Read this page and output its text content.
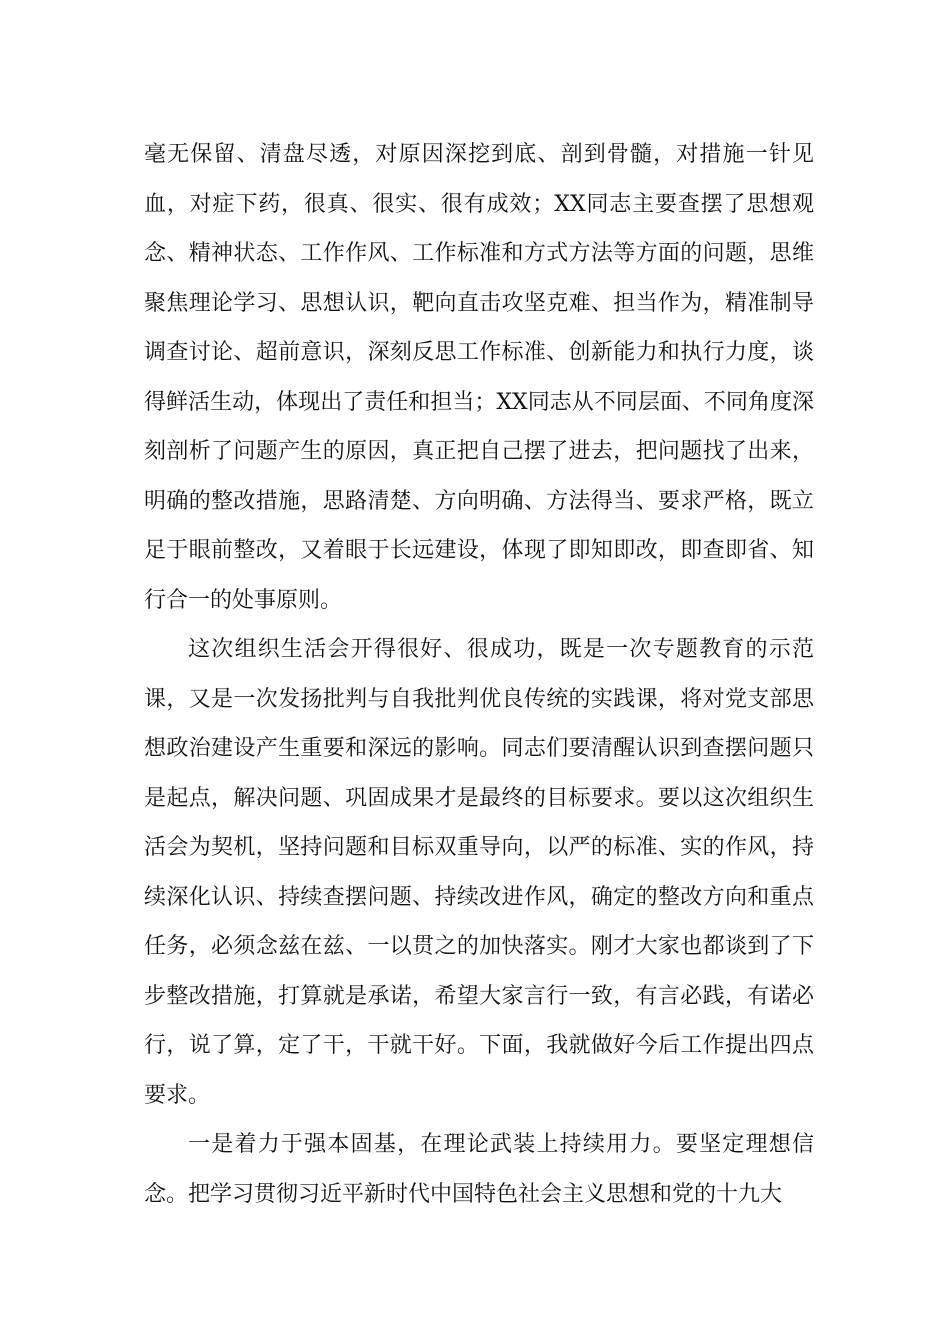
毫无保留、清盘尽透，对原因深挖到底、剖到骨髓，对措施一针见血，对症下药，很真、很实、很有成效；XX同志主要查摆了思想观念、精神状态、工作作风、工作标准和方式方法等方面的问题，思维聚焦理论学习、思想认识，靶向直击攻坚克难、担当作为，精准制导调查讨论、超前意识，深刻反思工作标准、创新能力和执行力度，谈得鲜活生动，体现出了责任和担当；XX同志从不同层面、不同角度深刻剖析了问题产生的原因，真正把自己摆了进去，把问题找了出来，明确的整改措施，思路清楚、方向明确、方法得当、要求严格，既立足于眼前整改，又着眼于长远建设，体现了即知即改，即查即省、知行合一的处事原则。

这次组织生活会开得很好、很成功，既是一次专题教育的示范课，又是一次发扬批判与自我批判优良传统的实践课，将对党支部思想政治建设产生重要和深远的影响。同志们要清醒认识到查摆问题只是起点，解决问题、巩固成果才是最终的目标要求。要以这次组织生活会为契机，坚持问题和目标双重导向，以严的标准、实的作风，持续深化认识、持续查摆问题、持续改进作风，确定的整改方向和重点任务，必须念兹在兹、一以贯之的加快落实。刚才大家也都谈到了下步整改措施，打算就是承诺，希望大家言行一致，有言必践，有诺必行，说了算，定了干，干就干好。下面，我就做好今后工作提出四点要求。

一是着力于强本固基，在理论武装上持续用力。要坚定理想信念。把学习贯彻习近平新时代中国特色社会主义思想和党的十九大
